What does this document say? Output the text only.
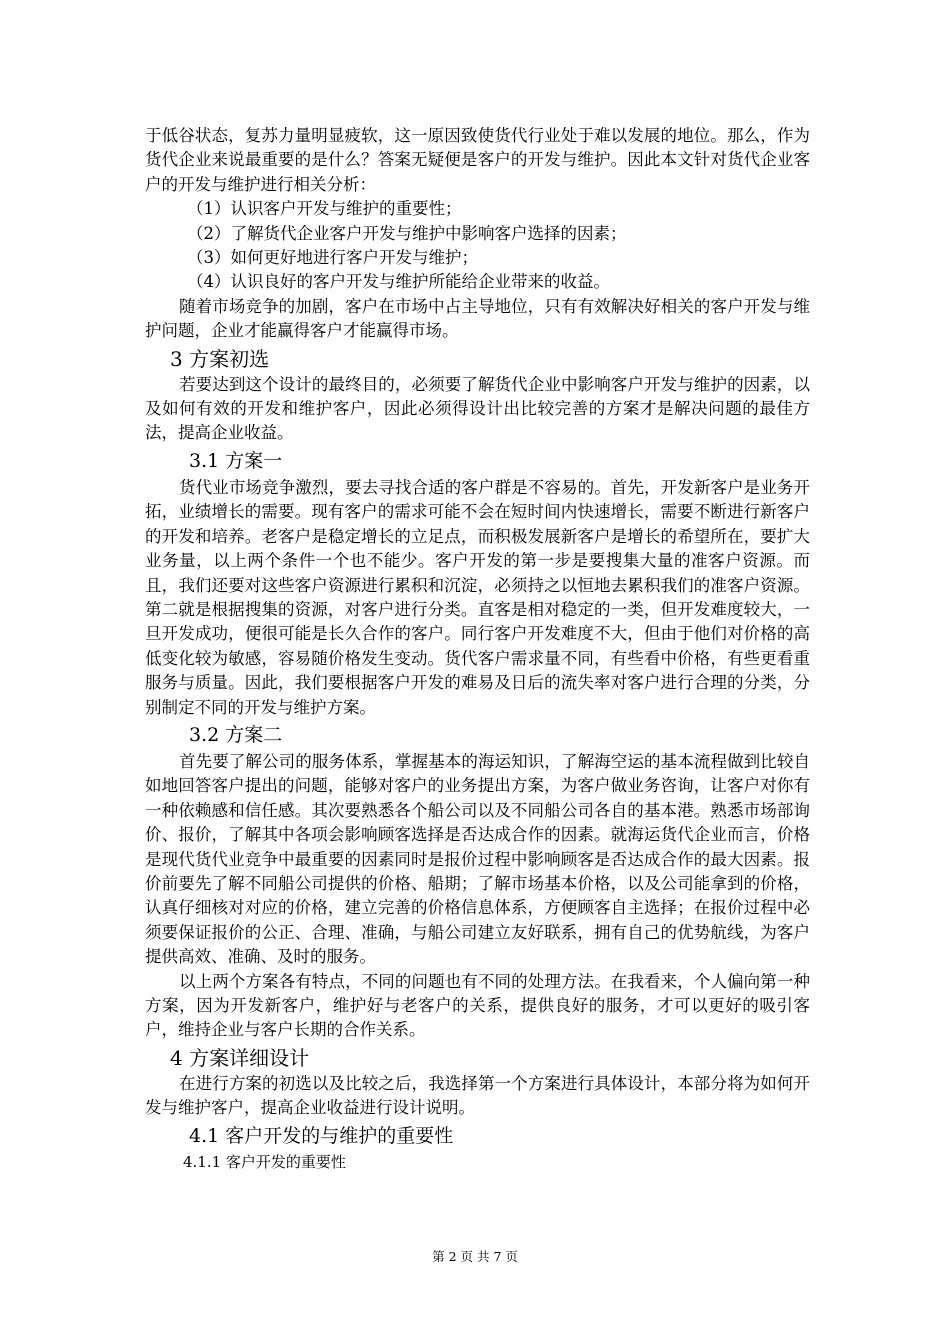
于低谷状态，复苏力量明显疲软，这一原因致使货代行业处于难以发展的地位。那么，作为货代企业来说最重要的是什么？答案无疑便是客户的开发与维护。因此本文针对货代企业客户的开发与维护进行相关分析：

（1）认识客户开发与维护的重要性；

（2）了解货代企业客户开发与维护中影响客户选择的因素；

（3）如何更好地进行客户开发与维护；

（4）认识良好的客户开发与维护所能给企业带来的收益。

随着市场竞争的加剧，客户在市场中占主导地位，只有有效解决好相关的客户开发与维护问题，企业才能赢得客户才能赢得市场。

3 方案初选

若要达到这个设计的最终目的，必须要了解货代企业中影响客户开发与维护的因素，以及如何有效的开发和维护客户，因此必须得设计出比较完善的方案才是解决问题的最佳方法，提高企业收益。

3.1 方案一

货代业市场竞争激烈，要去寻找合适的客户群是不容易的。首先，开发新客户是业务开拓，业绩增长的需要。现有客户的需求可能不会在短时间内快速增长，需要不断进行新客户的开发和培养。老客户是稳定增长的立足点，而积极发展新客户是增长的希望所在，要扩大业务量，以上两个条件一个也不能少。客户开发的第一步是要搜集大量的准客户资源。而且，我们还要对这些客户资源进行累积和沉淀，必须持之以恒地去累积我们的准客户资源。第二就是根据搜集的资源，对客户进行分类。直客是相对稳定的一类，但开发难度较大，一旦开发成功，便很可能是长久合作的客户。同行客户开发难度不大，但由于他们对价格的高低变化较为敏感，容易随价格发生变动。货代客户需求量不同，有些看中价格，有些更看重服务与质量。因此，我们要根据客户开发的难易及日后的流失率对客户进行合理的分类，分别制定不同的开发与维护方案。

3.2 方案二

首先要了解公司的服务体系，掌握基本的海运知识，了解海空运的基本流程做到比较自如地回答客户提出的问题，能够对客户的业务提出方案，为客户做业务咨询，让客户对你有一种依赖感和信任感。其次要熟悉各个船公司以及不同船公司各自的基本港。熟悉市场部询价、报价，了解其中各项会影响顾客选择是否达成合作的因素。就海运货代企业而言，价格是现代货代业竞争中最重要的因素同时是报价过程中影响顾客是否达成合作的最大因素。报价前要先了解不同船公司提供的价格、船期；了解市场基本价格，以及公司能拿到的价格，认真仔细核对对应的价格，建立完善的价格信息体系，方便顾客自主选择；在报价过程中必须要保证报价的公正、合理、准确，与船公司建立友好联系，拥有自己的优势航线，为客户提供高效、准确、及时的服务。

以上两个方案各有特点，不同的问题也有不同的处理方法。在我看来，个人偏向第一种方案，因为开发新客户，维护好与老客户的关系，提供良好的服务，才可以更好的吸引客户，维持企业与客户长期的合作关系。

4 方案详细设计

在进行方案的初选以及比较之后，我选择第一个方案进行具体设计，本部分将为如何开发与维护客户，提高企业收益进行设计说明。

4.1 客户开发的与维护的重要性
4.1.1 客户开发的重要性
第 2 页 共 7 页
